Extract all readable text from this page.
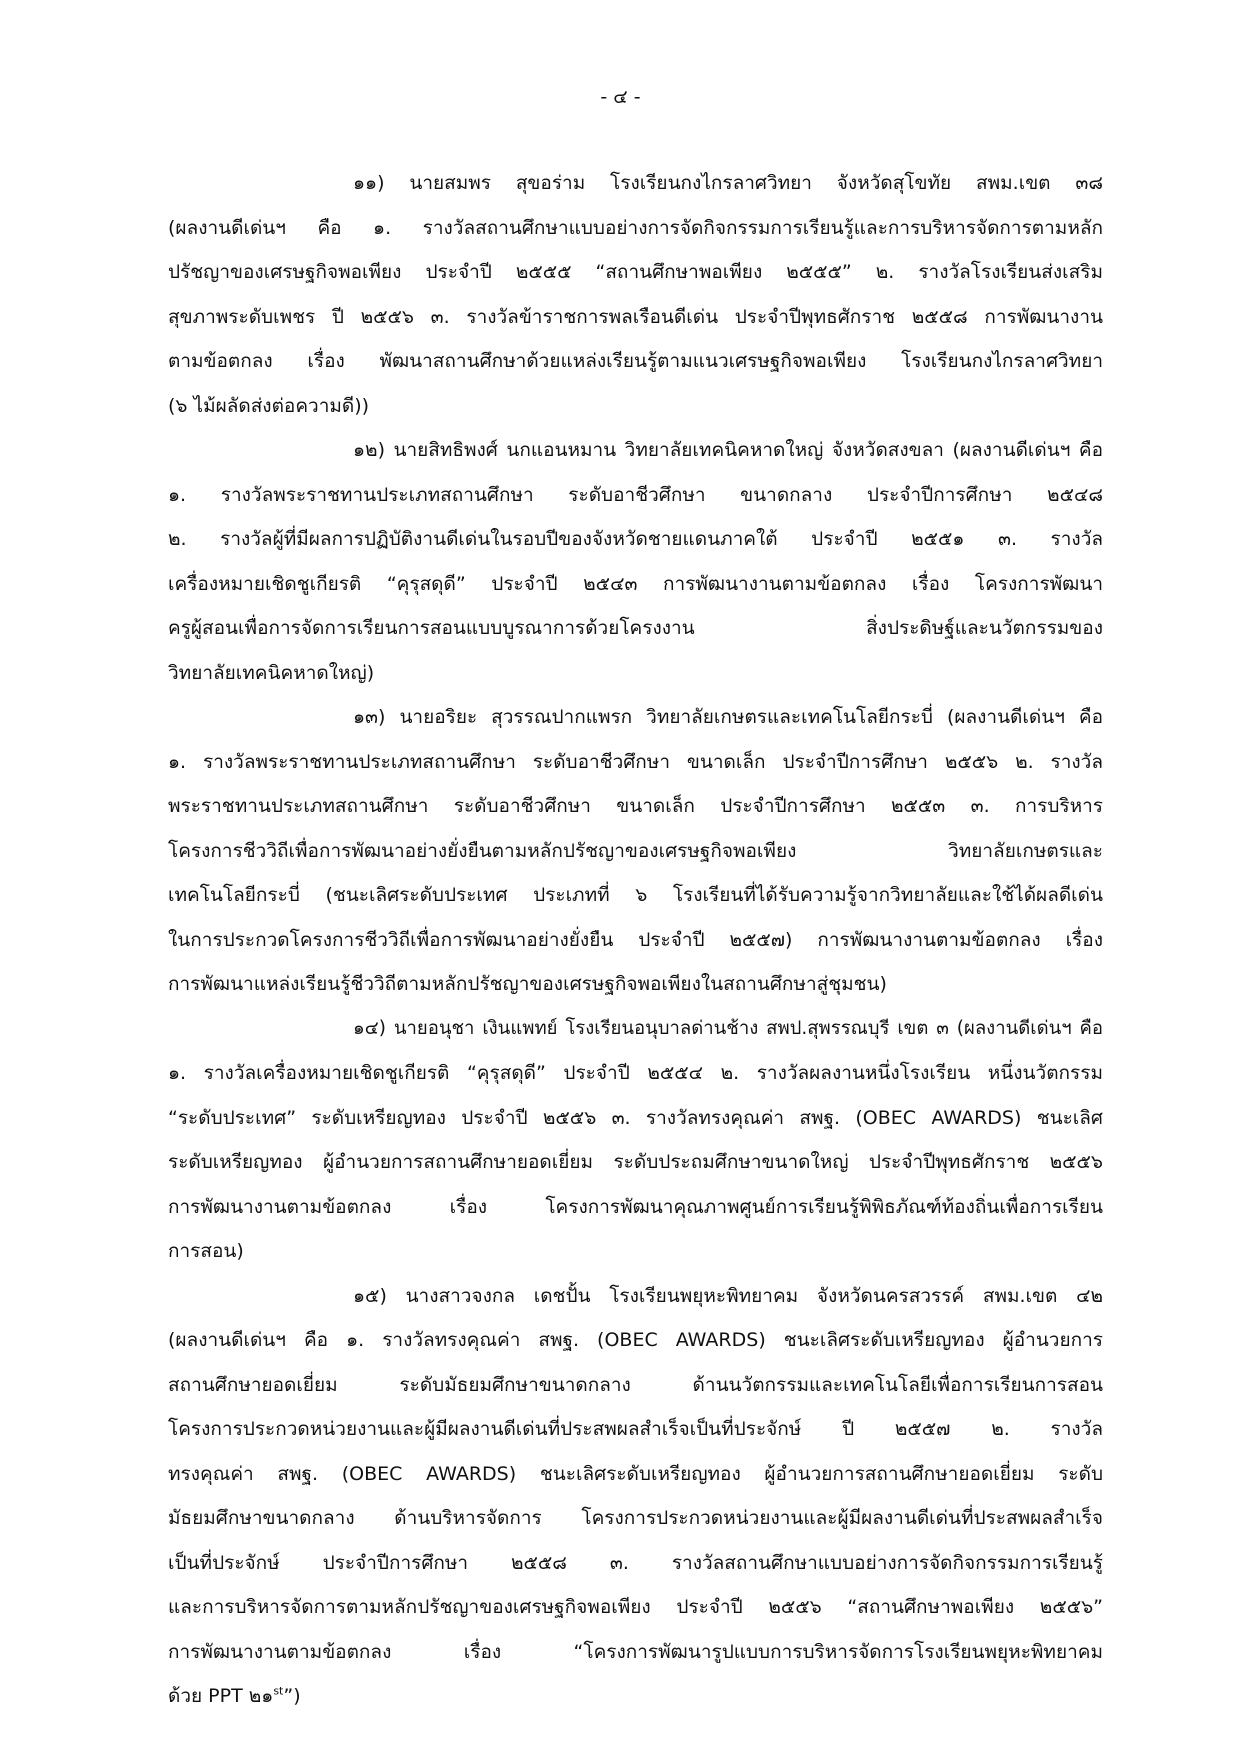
- ๔ -
๑๑) นายสมพร สุขอร่าม โรงเรียนกงไกรลาศวิทยา จังหวัดสุโขทัย สพม.เขต ๓๘
(ผลงานดีเด่นฯ คือ ๑. รางวัลสถานศึกษาแบบอย่างการจัดกิจกรรมการเรียนรู้และการบริหารจัดการตามหลัก
ปรัชญาของเศรษฐกิจพอเพียง ประจำปี ๒๕๕๕ “สถานศึกษาพอเพียง ๒๕๕๕” ๒. รางวัลโรงเรียนส่งเสริม
สุขภาพระดับเพชร ปี ๒๕๕๖ ๓. รางวัลข้าราชการพลเรือนดีเด่น ประจำปีพุทธศักราช ๒๕๕๘ การพัฒนางาน
ตามข้อตกลง เรื่อง พัฒนาสถานศึกษาด้วยแหล่งเรียนรู้ตามแนวเศรษฐกิจพอเพียง โรงเรียนกงไกรลาศวิทยา
(๖ ไม้ผลัดส่งต่อความดี))
๑๒) นายสิทธิพงศ์ นกแอนหมาน วิทยาลัยเทคนิคหาดใหญ่ จังหวัดสงขลา (ผลงานดีเด่นฯ คือ
๑. รางวัลพระราชทานประเภทสถานศึกษา ระดับอาชีวศึกษา ขนาดกลาง ประจำปีการศึกษา ๒๕๔๘
๒. รางวัลผู้ที่มีผลการปฏิบัติงานดีเด่นในรอบปีของจังหวัดชายแดนภาคใต้ ประจำปี ๒๕๕๑ ๓. รางวัล
เครื่องหมายเชิดชูเกียรติ “คุรุสดุดี” ประจำปี ๒๕๔๓ การพัฒนางานตามข้อตกลง เรื่อง โครงการพัฒนา
ครูผู้สอนเพื่อการจัดการเรียนการสอนแบบบูรณาการด้วยโครงงาน สิ่งประดิษฐ์และนวัตกรรมของ
วิทยาลัยเทคนิคหาดใหญ่)
๑๓) นายอริยะ สุวรรณปากแพรก วิทยาลัยเกษตรและเทคโนโลยีกระบี่ (ผลงานดีเด่นฯ คือ
๑. รางวัลพระราชทานประเภทสถานศึกษา ระดับอาชีวศึกษา ขนาดเล็ก ประจำปีการศึกษา ๒๕๕๖ ๒. รางวัล
พระราชทานประเภทสถานศึกษา ระดับอาชีวศึกษา ขนาดเล็ก ประจำปีการศึกษา ๒๕๕๓ ๓. การบริหาร
โครงการชีววิถีเพื่อการพัฒนาอย่างยั่งยืนตามหลักปรัชญาของเศรษฐกิจพอเพียง วิทยาลัยเกษตรและ
เทคโนโลยีกระบี่ (ชนะเลิศระดับประเทศ ประเภทที่ ๖ โรงเรียนที่ได้รับความรู้จากวิทยาลัยและใช้ได้ผลดีเด่น
ในการประกวดโครงการชีววิถีเพื่อการพัฒนาอย่างยั่งยืน ประจำปี ๒๕๕๗) การพัฒนางานตามข้อตกลง เรื่อง
การพัฒนาแหล่งเรียนรู้ชีววิถีตามหลักปรัชญาของเศรษฐกิจพอเพียงในสถานศึกษาสู่ชุมชน)
๑๔) นายอนุชา เงินแพทย์ โรงเรียนอนุบาลด่านช้าง สพป.สุพรรณบุรี เขต ๓ (ผลงานดีเด่นฯ คือ
๑. รางวัลเครื่องหมายเชิดชูเกียรติ “คุรุสดุดี” ประจำปี ๒๕๕๔ ๒. รางวัลผลงานหนึ่งโรงเรียน หนึ่งนวัตกรรม
“ระดับประเทศ” ระดับเหรียญทอง ประจำปี ๒๕๕๖ ๓. รางวัลทรงคุณค่า สพฐ. (OBEC AWARDS) ชนะเลิศ
ระดับเหรียญทอง ผู้อำนวยการสถานศึกษายอดเยี่ยม ระดับประถมศึกษาขนาดใหญ่ ประจำปีพุทธศักราช ๒๕๕๖
การพัฒนางานตามข้อตกลง เรื่อง โครงการพัฒนาคุณภาพศูนย์การเรียนรู้พิพิธภัณฑ์ท้องถิ่นเพื่อการเรียน
การสอน)
๑๕) นางสาวจงกล เดชปั้น โรงเรียนพยุหะพิทยาคม จังหวัดนครสวรรค์ สพม.เขต ๔๒
(ผลงานดีเด่นฯ คือ ๑. รางวัลทรงคุณค่า สพฐ. (OBEC AWARDS) ชนะเลิศระดับเหรียญทอง ผู้อำนวยการ
สถานศึกษายอดเยี่ยม ระดับมัธยมศึกษาขนาดกลาง ด้านนวัตกรรมและเทคโนโลยีเพื่อการเรียนการสอน
โครงการประกวดหน่วยงานและผู้มีผลงานดีเด่นที่ประสพผลสำเร็จเป็นที่ประจักษ์ ปี ๒๕๕๗ ๒. รางวัล
ทรงคุณค่า สพฐ. (OBEC AWARDS) ชนะเลิศระดับเหรียญทอง ผู้อำนวยการสถานศึกษายอดเยี่ยม ระดับ
มัธยมศึกษาขนาดกลาง ด้านบริหารจัดการ โครงการประกวดหน่วยงานและผู้มีผลงานดีเด่นที่ประสพผลสำเร็จ
เป็นที่ประจักษ์ ประจำปีการศึกษา ๒๕๕๘ ๓. รางวัลสถานศึกษาแบบอย่างการจัดกิจกรรมการเรียนรู้
และการบริหารจัดการตามหลักปรัชญาของเศรษฐกิจพอเพียง ประจำปี ๒๕๕๖ “สถานศึกษาพอเพียง ๒๕๕๖”
การพัฒนางานตามข้อตกลง เรื่อง “โครงการพัฒนารูปแบบการบริหารจัดการโรงเรียนพยุหะพิทยาคม
ด้วย PPT ๒๑$^{st}$”)
